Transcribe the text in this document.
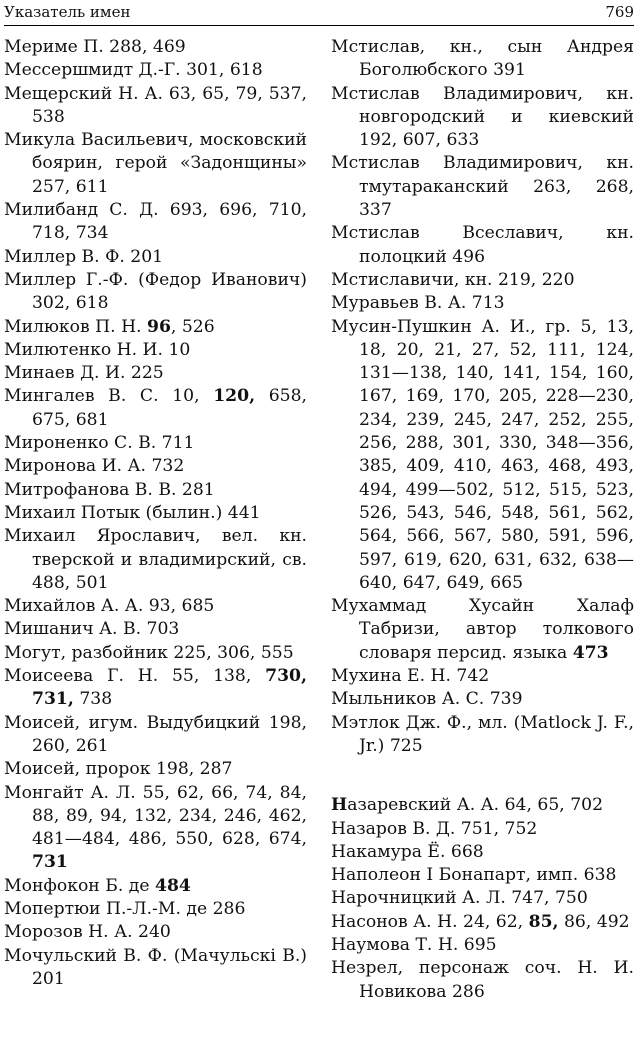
Указатель имен	769
Мериме П. 288, 469
Мессершмидт Д.-Г. 301, 618
Мещерский Н. А. 63, 65, 79, 537, 538
Микула Васильевич, московский боярин, герой «Задонщины» 257, 611
Милибанд С. Д. 693, 696, 710, 718, 734
Миллер В. Ф. 201
Миллер Г.-Ф. (Федор Иванович) 302, 618
Милюков П. Н. 96, 526
Милютенко Н. И. 10
Минаев Д. И. 225
Мингалев В. С. 10, 120, 658, 675, 681
Мироненко С. В. 711
Миронова И. А. 732
Митрофанова В. В. 281
Михаил Потык (былин.) 441
Михаил Ярославич, вел. кн. тверской и владимирский, св. 488, 501
Михайлов А. А. 93, 685
Мишанич А. В. 703
Могут, разбойник 225, 306, 555
Моисеева Г. Н. 55, 138, 730, 731, 738
Моисей, игум. Выдубицкий 198, 260, 261
Моисей, пророк 198, 287
Монгайт А. Л. 55, 62, 66, 74, 84, 88, 89, 94, 132, 234, 246, 462, 481—484, 486, 550, 628, 674, 731
Монфокон Б. де 484
Мопертюи П.-Л.-М. де 286
Морозов Н. А. 240
Мочульский В. Ф. (Мачульскi В.) 201
Мстислав, кн., сын Андрея Боголюбского 391
Мстислав Владимирович, кн. новгородский и киевский 192, 607, 633
Мстислав Владимирович, кн. тмутараканский 263, 268, 337
Мстислав Всеславич, кн. полоцкий 496
Мстиславичи, кн. 219, 220
Муравьев В. А. 713
Мусин-Пушкин А. И., гр. 5, 13, 18, 20, 21, 27, 52, 111, 124, 131—138, 140, 141, 154, 160, 167, 169, 170, 205, 228—230, 234, 239, 245, 247, 252, 255, 256, 288, 301, 330, 348—356, 385, 409, 410, 463, 468, 493, 494, 499—502, 512, 515, 523, 526, 543, 546, 548, 561, 562, 564, 566, 567, 580, 591, 596, 597, 619, 620, 631, 632, 638—640, 647, 649, 665
Мухаммад Хусайн Халаф Табризи, автор толкового словаря персид. языка 473
Мухина Е. Н. 742
Мыльников А. С. 739
Мэтлок Дж. Ф., мл. (Matlock J. F., Jr.) 725
Назаревский А. А. 64, 65, 702
Назаров В. Д. 751, 752
Накамура Ё. 668
Наполеон I Бонапарт, имп. 638
Нарочницкий А. Л. 747, 750
Насонов А. Н. 24, 62, 85, 86, 492
Наумова Т. Н. 695
Незрел, персонаж соч. Н. И. Новикова 286
